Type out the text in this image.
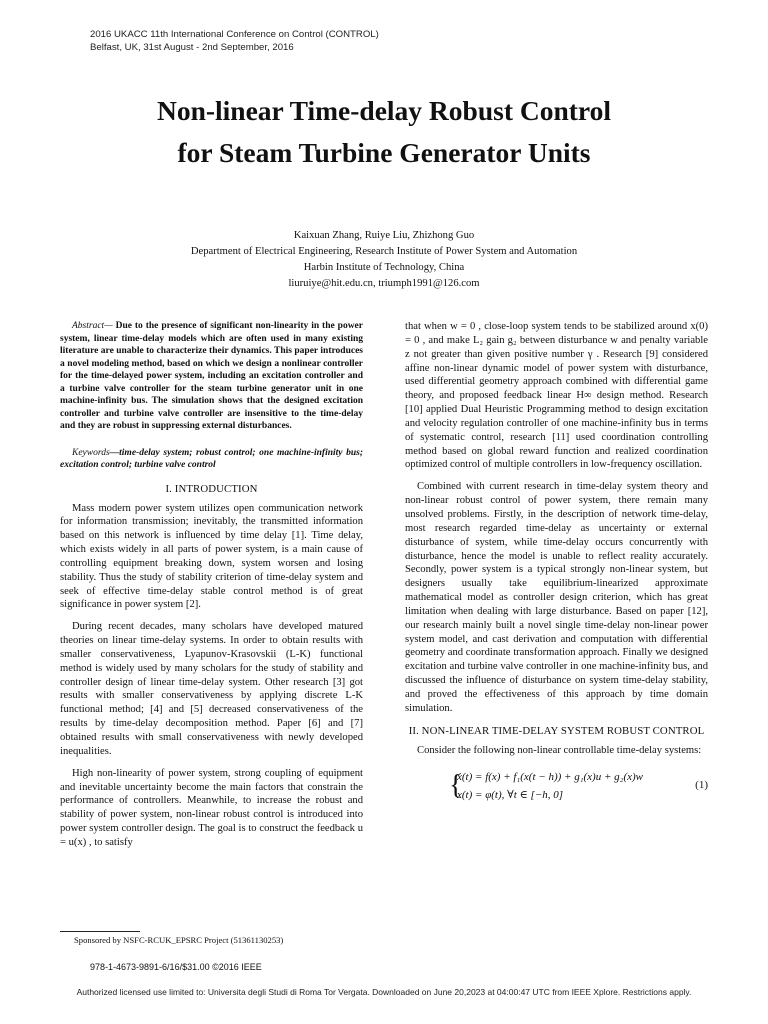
2016 UKACC 11th International Conference on Control (CONTROL)
Belfast, UK, 31st August - 2nd September, 2016
Non-linear Time-delay Robust Control
for Steam Turbine Generator Units
Kaixuan Zhang, Ruiye Liu, Zhizhong Guo
Department of Electrical Engineering, Research Institute of Power System and Automation
Harbin Institute of Technology, China
liuruiye@hit.edu.cn, triumph1991@126.com

Abstract— Due to the presence of significant non-linearity in the power system, linear time-delay models which are often used in many existing literature are unable to characterize their dynamics. This paper introduces a novel modeling method, based on which we design a nonlinear controller for the time-delayed power system, including an excitation controller and a turbine valve controller for the steam turbine generator unit in one machine-infinity bus. The simulation shows that the designed excitation controller and turbine valve controller are insensitive to the time-delay and they are robust in suppressing external disturbances.

Keywords—time-delay system; robust control; one machine-infinity bus; excitation control; turbine valve control

I. INTRODUCTION

Mass modern power system utilizes open communication network for information transmission; inevitably, the transmitted information based on this network is influenced by time delay [1]. Time delay, which exists widely in all parts of power system, is a main cause of controlling equipment breaking down, system worsen and losing stability. Thus the study of stability criterion of time-delay system and seek of effective time-delay stable control method is of great significance in power system [2].

During recent decades, many scholars have developed matured theories on linear time-delay systems. In order to obtain results with smaller conservativeness, Lyapunov-Krasovskii (L-K) functional method is widely used by many scholars for the study of stability and controller design of linear time-delay system. Other research [3] got results with smaller conservativeness by applying discrete L-K functional method; [4] and [5] decreased conservativeness of the results by time-delay decomposition method. Paper [6] and [7] obtained results with small conservativeness with newly developed inequalities.

High non-linearity of power system, strong coupling of equipment and inevitable uncertainty become the main factors that constrain the performance of controllers. Meanwhile, to increase the robust and stability of power system, non-linear robust control is introduced into power system controller design. The goal is to construct the feedback u = u(x) , to satisfy

that when w = 0 , close-loop system tends to be stabilized around x(0) = 0 , and make L₂ gain g₂ between disturbance w and penalty variable z not greater than given positive number γ . Research [9] considered affine non-linear dynamic model of power system with disturbance, used differential geometry approach combined with differential game theory, and proposed feedback linear H∞ design method. Research [10] applied Dual Heuristic Programming method to design excitation and velocity regulation controller of one machine-infinity bus in terms of systematic control, research [11] used coordination controlling method based on global reward function and realized coordination optimized control of multiple controllers in low-frequency oscillation.

Combined with current research in time-delay system theory and non-linear robust control of power system, there remain many unsolved problems. Firstly, in the description of network time-delay, most research regarded time-delay as uncertainty or external disturbance of system, while time-delay occurs concurrently with disturbance, hence the model is unable to reflect reality accurately. Secondly, power system is a typical strongly non-linear system, but designers usually take equilibrium-linearized approximate mathematical model as controller design criterion, which has great limitation when dealing with large disturbance. Based on paper [12], our research mainly built a novel single time-delay non-linear power system model, and cast derivation and computation with differential geometry and coordinate transformation approach. Finally we designed excitation and turbine valve controller in one machine-infinity bus, and discussed the influence of disturbance on system time-delay stability, and proved the effectiveness of this approach by time domain simulation.

II. NON-LINEAR TIME-DELAY SYSTEM ROBUST CONTROL

Consider the following non-linear controllable time-delay systems:

{
ẋ(t) = f(x) + f₁(x(t − h)) + g₁(x)u + g₂(x)w
x(t) = φ(t), ∀t ∈ [−h, 0]
(1)
Sponsored by NSFC-RCUK_EPSRC Project (51361130253)
978-1-4673-9891-6/16/$31.00 ©2016 IEEE
Authorized licensed use limited to: Universita degli Studi di Roma Tor Vergata. Downloaded on June 20,2023 at 04:00:47 UTC from IEEE Xplore. Restrictions apply.
